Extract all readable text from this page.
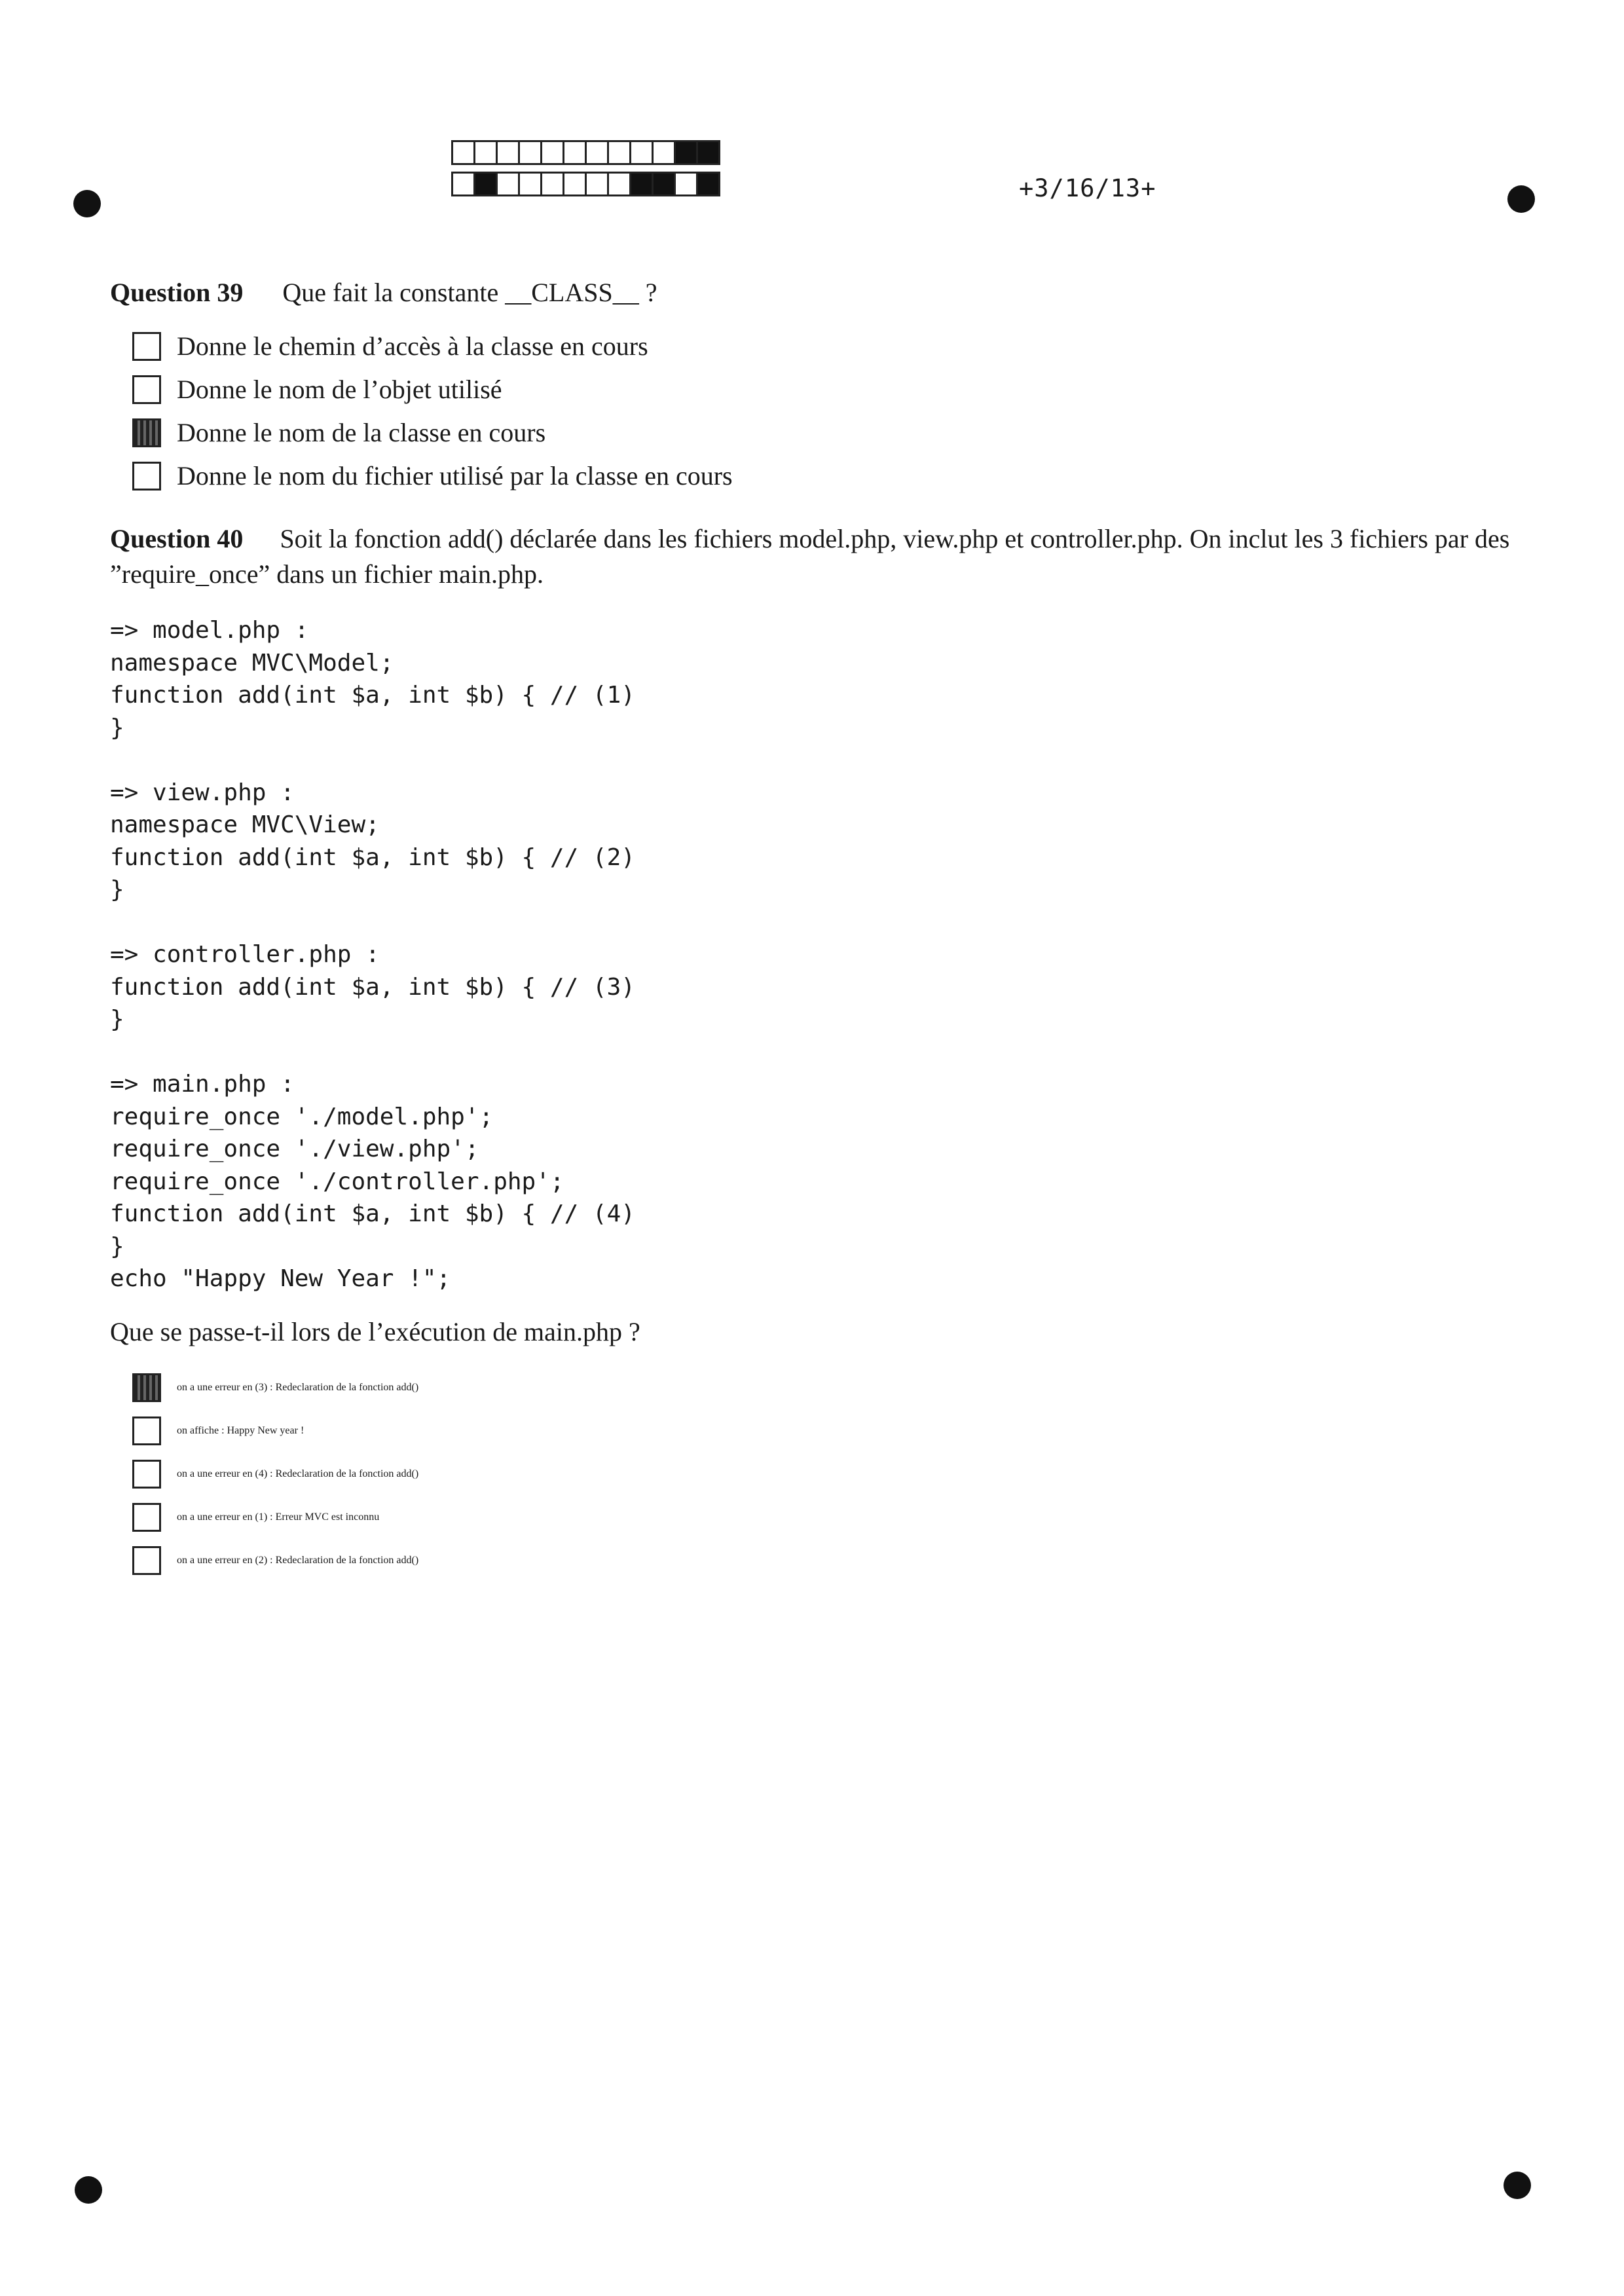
+3/16/13+
Question 39 Que fait la constante __CLASS__ ?
Donne le chemin d’accès à la classe en cours
Donne le nom de l’objet utilisé
Donne le nom de la classe en cours
Donne le nom du fichier utilisé par la classe en cours
Question 40 Soit la fonction add() déclarée dans les fichiers model.php, view.php et controller.php. On inclut les 3 fichiers par des ”require_once” dans un fichier main.php.
=> model.php :
namespace MVC\Model;
function add(int $a, int $b) { // (1)
}
=> view.php :
namespace MVC\View;
function add(int $a, int $b) { // (2)
}
=> controller.php :
function add(int $a, int $b) { // (3)
}
=> main.php :
require_once './model.php';
require_once './view.php';
require_once './controller.php';
function add(int $a, int $b) { // (4)
}
echo "Happy New Year !";
Que se passe-t-il lors de l’exécution de main.php ?
on a une erreur en (3) : Redeclaration de la fonction add()
on affiche : Happy New year !
on a une erreur en (4) : Redeclaration de la fonction add()
on a une erreur en (1) : Erreur MVC est inconnu
on a une erreur en (2) : Redeclaration de la fonction add()
